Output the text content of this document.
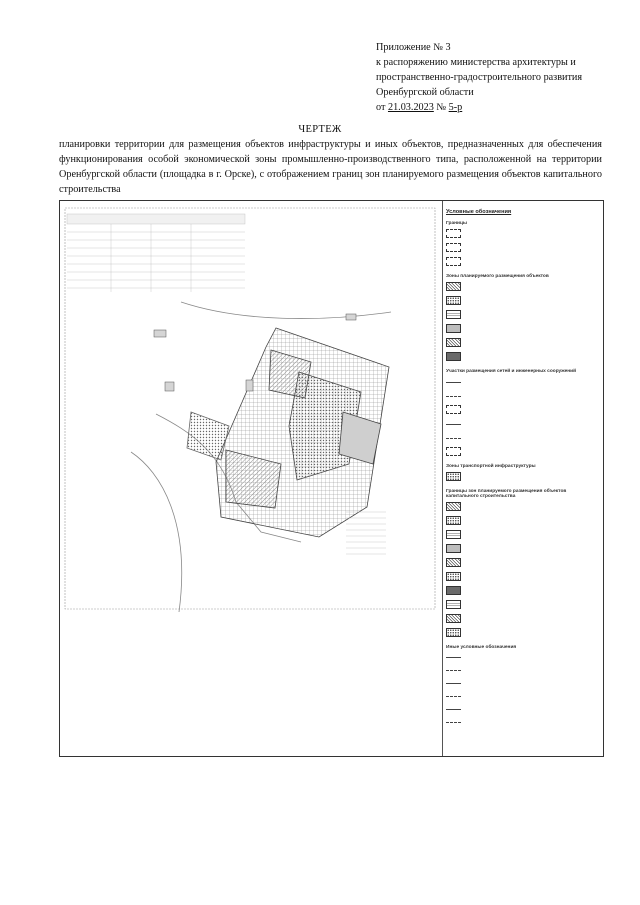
Приложение № 3
к распоряжению министерства архитектуры и
пространственно-градостроительного развития
Оренбургской области
от 21.03.2023 № 5-р
ЧЕРТЕЖ
планировки территории для размещения объектов инфраструктуры и иных объектов, предназначенных для обеспечения функционирования особой экономической зоны промышленно-производственного типа, расположенной на территории Оренбургской области (площадка в г. Орске), с отображением границ зон планируемого размещения объектов капитального строительства
Условные обозначения
Границы
Зоны планируемого размещения объектов
Участки размещения сетей и инженерных сооружений
Зоны транспортной инфраструктуры
Границы зон планируемого размещения объектов капитального строительства
Иные условные обозначения
